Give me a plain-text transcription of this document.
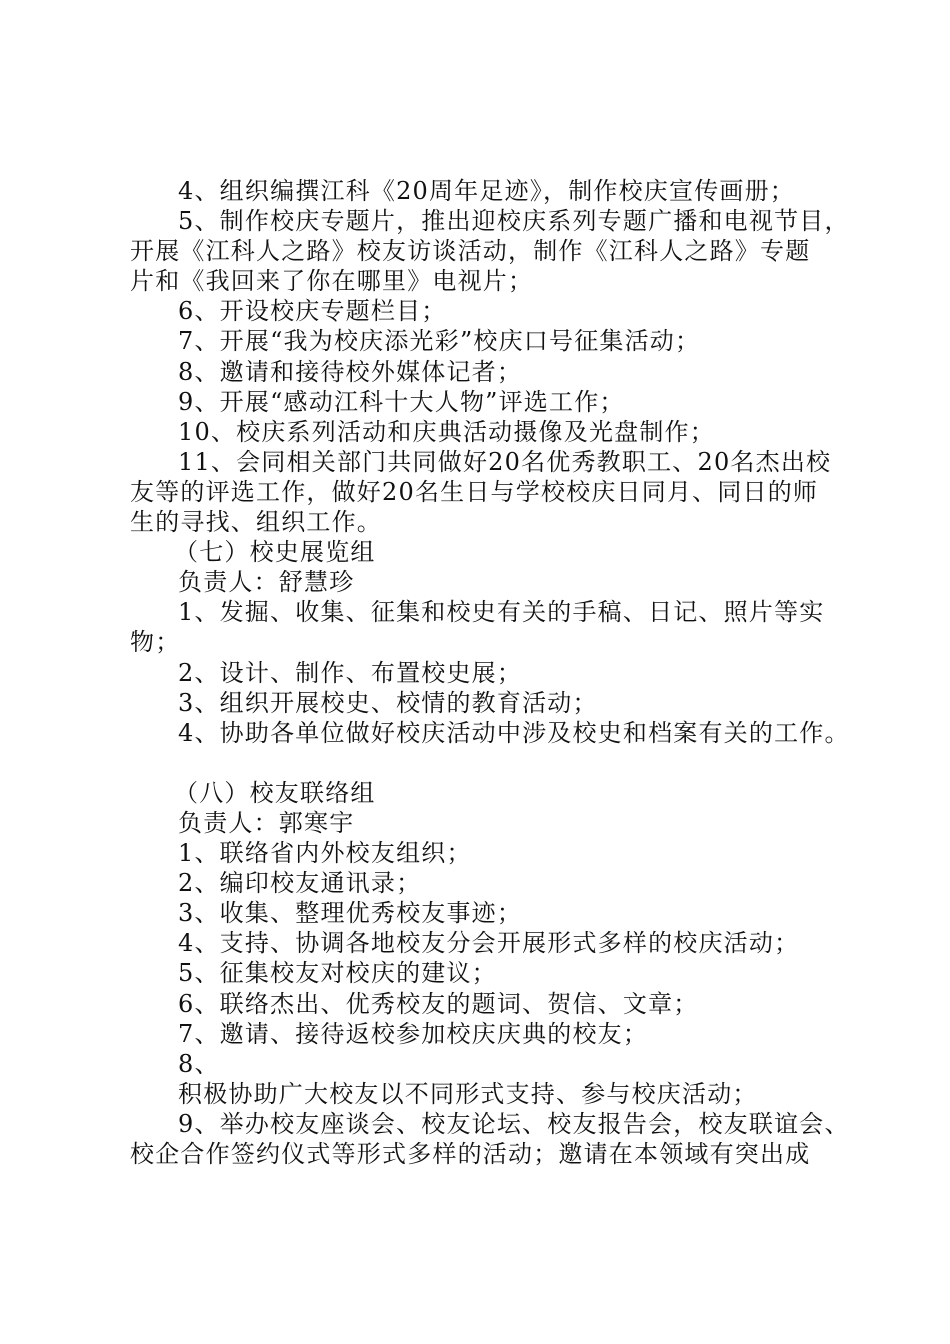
4、组织编撰江科《20周年足迹》，制作校庆宣传画册；
5、制作校庆专题片，推出迎校庆系列专题广播和电视节目，
开展《江科人之路》校友访谈活动，制作《江科人之路》专题
片和《我回来了你在哪里》电视片；
6、开设校庆专题栏目；
7、开展“我为校庆添光彩”校庆口号征集活动；
8、邀请和接待校外媒体记者；
9、开展“感动江科十大人物”评选工作；
10、校庆系列活动和庆典活动摄像及光盘制作；
11、会同相关部门共同做好20名优秀教职工、20名杰出校
友等的评选工作，做好20名生日与学校校庆日同月、同日的师
生的寻找、组织工作。
（七）校史展览组
负责人：舒慧珍
1、发掘、收集、征集和校史有关的手稿、日记、照片等实
物；
2、设计、制作、布置校史展；
3、组织开展校史、校情的教育活动；
4、协助各单位做好校庆活动中涉及校史和档案有关的工作。
（八）校友联络组
负责人：郭寒宇
1、联络省内外校友组织；
2、编印校友通讯录；
3、收集、整理优秀校友事迹；
4、支持、协调各地校友分会开展形式多样的校庆活动；
5、征集校友对校庆的建议；
6、联络杰出、优秀校友的题词、贺信、文章；
7、邀请、接待返校参加校庆庆典的校友；
8、
积极协助广大校友以不同形式支持、参与校庆活动；
9、举办校友座谈会、校友论坛、校友报告会，校友联谊会、
校企合作签约仪式等形式多样的活动；邀请在本领域有突出成
